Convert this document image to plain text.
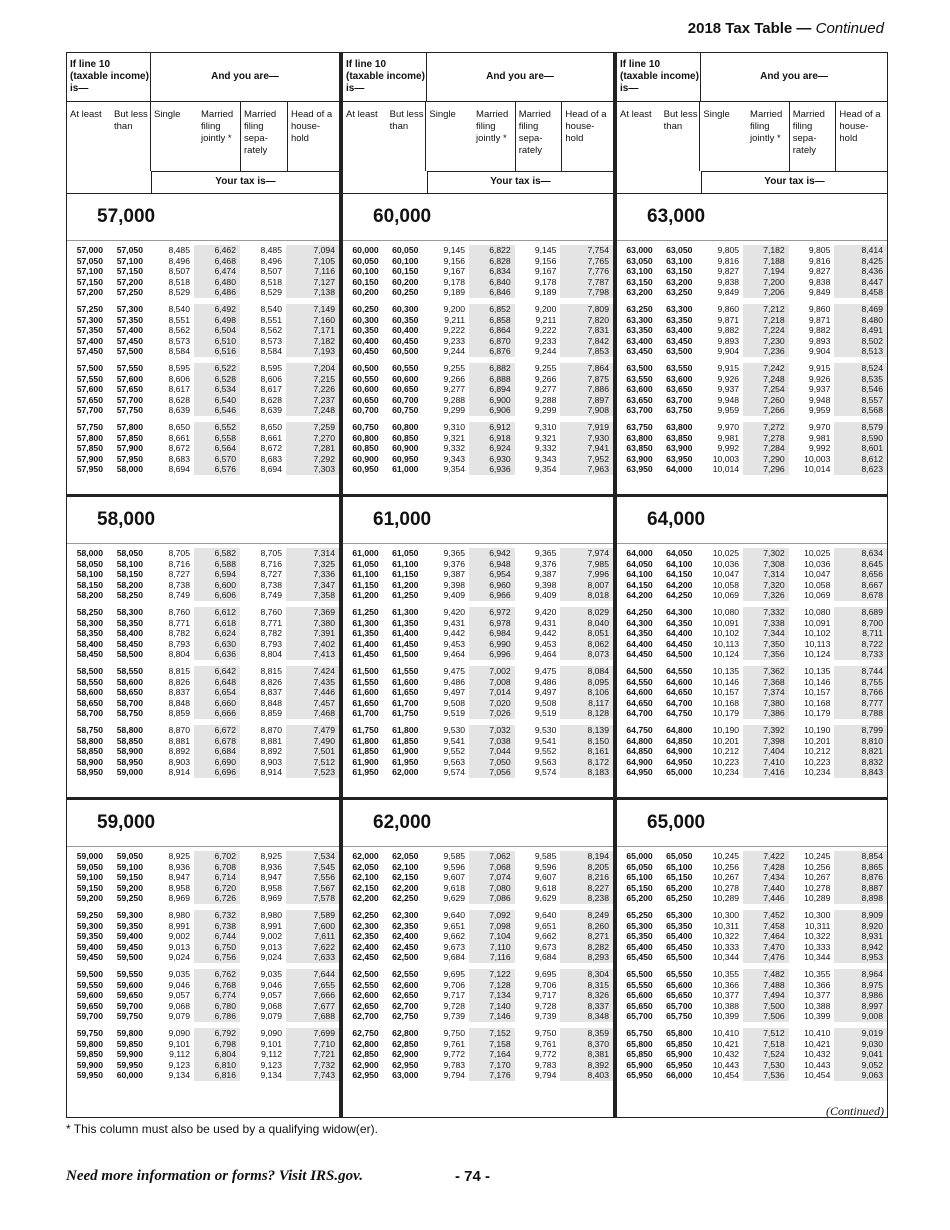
2018 Tax Table — Continued
If line 10 (taxable income) is—
And you are—
At least	But less than
Single	Married filing jointly *
Married filing sepa- rately
Head of a house- hold
Your tax is—
57,000
57,000	57,050	8,485	6,462	8,485	7,094
57,050	57,100	8,496	6,468	8,496	7,105
57,100	57,150	8,507	6,474	8,507	7,116
57,150	57,200	8,518	6,480	8,518	7,127
57,200	57,250	8,529	6,486	8,529	7,138
57,250	57,300	8,540	6,492	8,540	7,149
57,300	57,350	8,551	6,498	8,551	7,160
57,350	57,400	8,562	6,504	8,562	7,171
57,400	57,450	8,573	6,510	8,573	7,182
57,450	57,500	8,584	6,516	8,584	7,193
57,500	57,550	8,595	6,522	8,595	7,204
57,550	57,600	8,606	6,528	8,606	7,215
57,600	57,650	8,617	6,534	8,617	7,226
57,650	57,700	8,628	6,540	8,628	7,237
57,700	57,750	8,639	6,546	8,639	7,248
57,750	57,800	8,650	6,552	8,650	7,259
57,800	57,850	8,661	6,558	8,661	7,270
57,850	57,900	8,672	6,564	8,672	7,281
57,900	57,950	8,683	6,570	8,683	7,292
57,950	58,000	8,694	6,576	8,694	7,303
58,000
58,000	58,050	8,705	6,582	8,705	7,314
58,050	58,100	8,716	6,588	8,716	7,325
58,100	58,150	8,727	6,594	8,727	7,336
58,150	58,200	8,738	6,600	8,738	7,347
58,200	58,250	8,749	6,606	8,749	7,358
58,250	58,300	8,760	6,612	8,760	7,369
58,300	58,350	8,771	6,618	8,771	7,380
58,350	58,400	8,782	6,624	8,782	7,391
58,400	58,450	8,793	6,630	8,793	7,402
58,450	58,500	8,804	6,636	8,804	7,413
58,500	58,550	8,815	6,642	8,815	7,424
58,550	58,600	8,826	6,648	8,826	7,435
58,600	58,650	8,837	6,654	8,837	7,446
58,650	58,700	8,848	6,660	8,848	7,457
58,700	58,750	8,859	6,666	8,859	7,468
58,750	58,800	8,870	6,672	8,870	7,479
58,800	58,850	8,881	6,678	8,881	7,490
58,850	58,900	8,892	6,684	8,892	7,501
58,900	58,950	8,903	6,690	8,903	7,512
58,950	59,000	8,914	6,696	8,914	7,523
59,000
59,000	59,050	8,925	6,702	8,925	7,534
59,050	59,100	8,936	6,708	8,936	7,545
59,100	59,150	8,947	6,714	8,947	7,556
59,150	59,200	8,958	6,720	8,958	7,567
59,200	59,250	8,969	6,726	8,969	7,578
59,250	59,300	8,980	6,732	8,980	7,589
59,300	59,350	8,991	6,738	8,991	7,600
59,350	59,400	9,002	6,744	9,002	7,611
59,400	59,450	9,013	6,750	9,013	7,622
59,450	59,500	9,024	6,756	9,024	7,633
59,500	59,550	9,035	6,762	9,035	7,644
59,550	59,600	9,046	6,768	9,046	7,655
59,600	59,650	9,057	6,774	9,057	7,666
59,650	59,700	9,068	6,780	9,068	7,677
59,700	59,750	9,079	6,786	9,079	7,688
59,750	59,800	9,090	6,792	9,090	7,699
59,800	59,850	9,101	6,798	9,101	7,710
59,850	59,900	9,112	6,804	9,112	7,721
59,900	59,950	9,123	6,810	9,123	7,732
59,950	60,000	9,134	6,816	9,134	7,743
If line 10 (taxable income) is—
And you are—
At least	But less than
Single	Married filing jointly *
Married filing sepa- rately
Head of a house- hold
Your tax is—
60,000
60,000	60,050	9,145	6,822	9,145	7,754
60,050	60,100	9,156	6,828	9,156	7,765
60,100	60,150	9,167	6,834	9,167	7,776
60,150	60,200	9,178	6,840	9,178	7,787
60,200	60,250	9,189	6,846	9,189	7,798
60,250	60,300	9,200	6,852	9,200	7,809
60,300	60,350	9,211	6,858	9,211	7,820
60,350	60,400	9,222	6,864	9,222	7,831
60,400	60,450	9,233	6,870	9,233	7,842
60,450	60,500	9,244	6,876	9,244	7,853
60,500	60,550	9,255	6,882	9,255	7,864
60,550	60,600	9,266	6,888	9,266	7,875
60,600	60,650	9,277	6,894	9,277	7,886
60,650	60,700	9,288	6,900	9,288	7,897
60,700	60,750	9,299	6,906	9,299	7,908
60,750	60,800	9,310	6,912	9,310	7,919
60,800	60,850	9,321	6,918	9,321	7,930
60,850	60,900	9,332	6,924	9,332	7,941
60,900	60,950	9,343	6,930	9,343	7,952
60,950	61,000	9,354	6,936	9,354	7,963
61,000
61,000	61,050	9,365	6,942	9,365	7,974
61,050	61,100	9,376	6,948	9,376	7,985
61,100	61,150	9,387	6,954	9,387	7,996
61,150	61,200	9,398	6,960	9,398	8,007
61,200	61,250	9,409	6,966	9,409	8,018
61,250	61,300	9,420	6,972	9,420	8,029
61,300	61,350	9,431	6,978	9,431	8,040
61,350	61,400	9,442	6,984	9,442	8,051
61,400	61,450	9,453	6,990	9,453	8,062
61,450	61,500	9,464	6,996	9,464	8,073
61,500	61,550	9,475	7,002	9,475	8,084
61,550	61,600	9,486	7,008	9,486	8,095
61,600	61,650	9,497	7,014	9,497	8,106
61,650	61,700	9,508	7,020	9,508	8,117
61,700	61,750	9,519	7,026	9,519	8,128
61,750	61,800	9,530	7,032	9,530	8,139
61,800	61,850	9,541	7,038	9,541	8,150
61,850	61,900	9,552	7,044	9,552	8,161
61,900	61,950	9,563	7,050	9,563	8,172
61,950	62,000	9,574	7,056	9,574	8,183
62,000
62,000	62,050	9,585	7,062	9,585	8,194
62,050	62,100	9,596	7,068	9,596	8,205
62,100	62,150	9,607	7,074	9,607	8,216
62,150	62,200	9,618	7,080	9,618	8,227
62,200	62,250	9,629	7,086	9,629	8,238
62,250	62,300	9,640	7,092	9,640	8,249
62,300	62,350	9,651	7,098	9,651	8,260
62,350	62,400	9,662	7,104	9,662	8,271
62,400	62,450	9,673	7,110	9,673	8,282
62,450	62,500	9,684	7,116	9,684	8,293
62,500	62,550	9,695	7,122	9,695	8,304
62,550	62,600	9,706	7,128	9,706	8,315
62,600	62,650	9,717	7,134	9,717	8,326
62,650	62,700	9,728	7,140	9,728	8,337
62,700	62,750	9,739	7,146	9,739	8,348
62,750	62,800	9,750	7,152	9,750	8,359
62,800	62,850	9,761	7,158	9,761	8,370
62,850	62,900	9,772	7,164	9,772	8,381
62,900	62,950	9,783	7,170	9,783	8,392
62,950	63,000	9,794	7,176	9,794	8,403
If line 10 (taxable income) is—
And you are—
At least	But less than
Single	Married filing jointly *
Married filing sepa- rately
Head of a house- hold
Your tax is—
63,000
63,000	63,050	9,805	7,182	9,805	8,414
63,050	63,100	9,816	7,188	9,816	8,425
63,100	63,150	9,827	7,194	9,827	8,436
63,150	63,200	9,838	7,200	9,838	8,447
63,200	63,250	9,849	7,206	9,849	8,458
63,250	63,300	9,860	7,212	9,860	8,469
63,300	63,350	9,871	7,218	9,871	8,480
63,350	63,400	9,882	7,224	9,882	8,491
63,400	63,450	9,893	7,230	9,893	8,502
63,450	63,500	9,904	7,236	9,904	8,513
63,500	63,550	9,915	7,242	9,915	8,524
63,550	63,600	9,926	7,248	9,926	8,535
63,600	63,650	9,937	7,254	9,937	8,546
63,650	63,700	9,948	7,260	9,948	8,557
63,700	63,750	9,959	7,266	9,959	8,568
63,750	63,800	9,970	7,272	9,970	8,579
63,800	63,850	9,981	7,278	9,981	8,590
63,850	63,900	9,992	7,284	9,992	8,601
63,900	63,950	10,003	7,290	10,003	8,612
63,950	64,000	10,014	7,296	10,014	8,623
64,000
64,000	64,050	10,025	7,302	10,025	8,634
64,050	64,100	10,036	7,308	10,036	8,645
64,100	64,150	10,047	7,314	10,047	8,656
64,150	64,200	10,058	7,320	10,058	8,667
64,200	64,250	10,069	7,326	10,069	8,678
64,250	64,300	10,080	7,332	10,080	8,689
64,300	64,350	10,091	7,338	10,091	8,700
64,350	64,400	10,102	7,344	10,102	8,711
64,400	64,450	10,113	7,350	10,113	8,722
64,450	64,500	10,124	7,356	10,124	8,733
64,500	64,550	10,135	7,362	10,135	8,744
64,550	64,600	10,146	7,368	10,146	8,755
64,600	64,650	10,157	7,374	10,157	8,766
64,650	64,700	10,168	7,380	10,168	8,777
64,700	64,750	10,179	7,386	10,179	8,788
64,750	64,800	10,190	7,392	10,190	8,799
64,800	64,850	10,201	7,398	10,201	8,810
64,850	64,900	10,212	7,404	10,212	8,821
64,900	64,950	10,223	7,410	10,223	8,832
64,950	65,000	10,234	7,416	10,234	8,843
65,000
65,000	65,050	10,245	7,422	10,245	8,854
65,050	65,100	10,256	7,428	10,256	8,865
65,100	65,150	10,267	7,434	10,267	8,876
65,150	65,200	10,278	7,440	10,278	8,887
65,200	65,250	10,289	7,446	10,289	8,898
65,250	65,300	10,300	7,452	10,300	8,909
65,300	65,350	10,311	7,458	10,311	8,920
65,350	65,400	10,322	7,464	10,322	8,931
65,400	65,450	10,333	7,470	10,333	8,942
65,450	65,500	10,344	7,476	10,344	8,953
65,500	65,550	10,355	7,482	10,355	8,964
65,550	65,600	10,366	7,488	10,366	8,975
65,600	65,650	10,377	7,494	10,377	8,986
65,650	65,700	10,388	7,500	10,388	8,997
65,700	65,750	10,399	7,506	10,399	9,008
65,750	65,800	10,410	7,512	10,410	9,019
65,800	65,850	10,421	7,518	10,421	9,030
65,850	65,900	10,432	7,524	10,432	9,041
65,900	65,950	10,443	7,530	10,443	9,052
65,950	66,000	10,454	7,536	10,454	9,063
(Continued)
* This column must also be used by a qualifying widow(er).
Need more information or forms? Visit IRS.gov.	- 74 -
